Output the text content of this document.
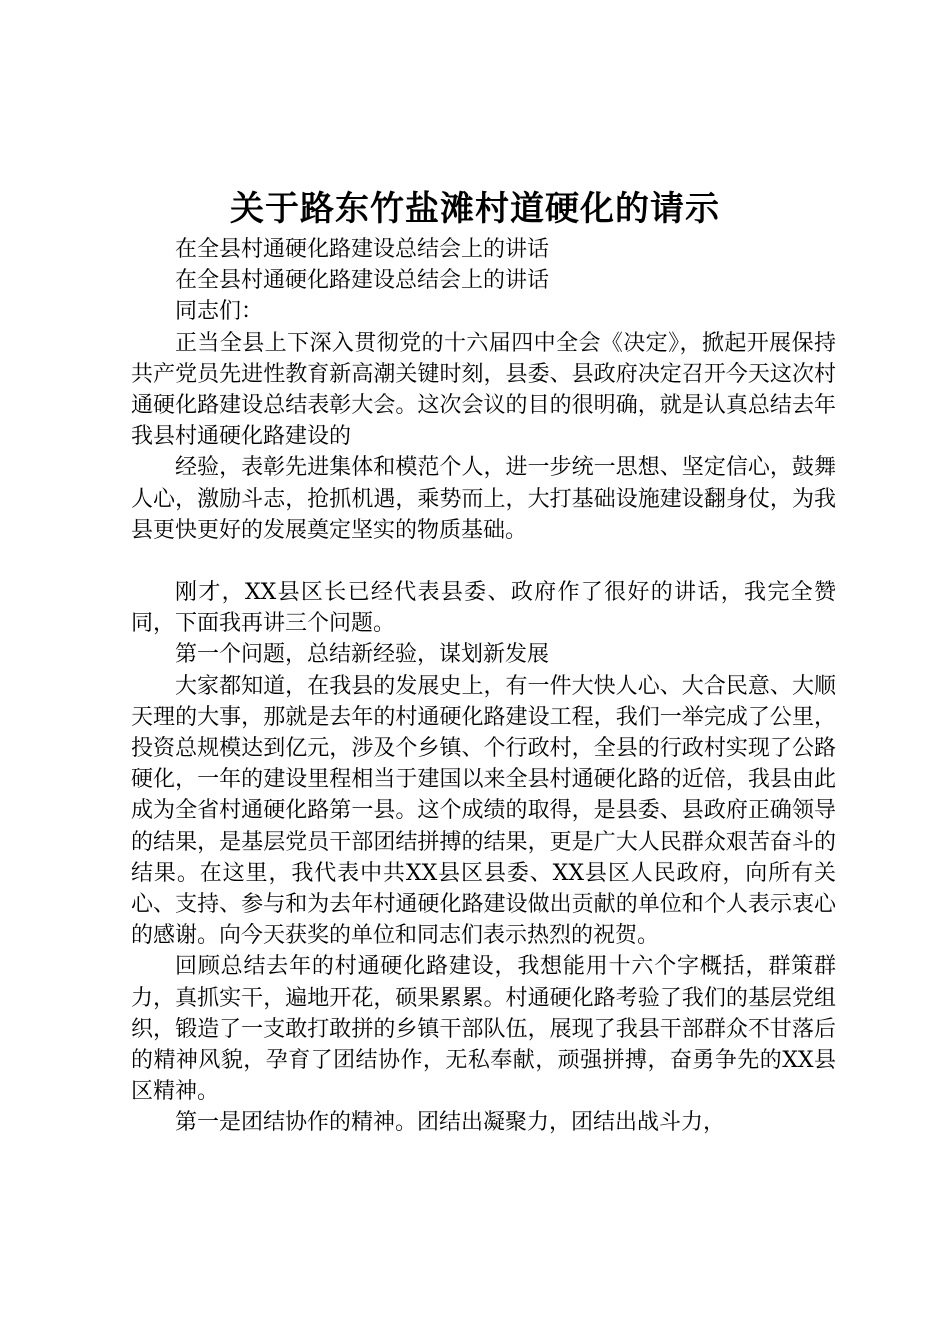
关于路东竹盐滩村道硬化的请示

在全县村通硬化路建设总结会上的讲话

在全县村通硬化路建设总结会上的讲话

同志们：

正当全县上下深入贯彻党的十六届四中全会《决定》，掀起开展保持共产党员先进性教育新高潮关键时刻，县委、县政府决定召开今天这次村通硬化路建设总结表彰大会。这次会议的目的很明确，就是认真总结去年我县村通硬化路建设的

经验，表彰先进集体和模范个人，进一步统一思想、坚定信心，鼓舞人心，激励斗志，抢抓机遇，乘势而上，大打基础设施建设翻身仗，为我县更快更好的发展奠定坚实的物质基础。

刚才，XX县区长已经代表县委、政府作了很好的讲话，我完全赞同，下面我再讲三个问题。

第一个问题，总结新经验，谋划新发展

大家都知道，在我县的发展史上，有一件大快人心、大合民意、大顺天理的大事，那就是去年的村通硬化路建设工程，我们一举完成了公里，投资总规模达到亿元，涉及个乡镇、个行政村，全县的行政村实现了公路硬化，一年的建设里程相当于建国以来全县村通硬化路的近倍，我县由此成为全省村通硬化路第一县。这个成绩的取得，是县委、县政府正确领导的结果，是基层党员干部团结拼搏的结果，更是广大人民群众艰苦奋斗的结果。在这里，我代表中共XX县区县委、XX县区人民政府，向所有关心、支持、参与和为去年村通硬化路建设做出贡献的单位和个人表示衷心的感谢。向今天获奖的单位和同志们表示热烈的祝贺。

回顾总结去年的村通硬化路建设，我想能用十六个字概括，群策群力，真抓实干，遍地开花，硕果累累。村通硬化路考验了我们的基层党组织，锻造了一支敢打敢拼的乡镇干部队伍，展现了我县干部群众不甘落后的精神风貌，孕育了团结协作，无私奉献，顽强拼搏，奋勇争先的XX县区精神。

第一是团结协作的精神。团结出凝聚力，团结出战斗力，
